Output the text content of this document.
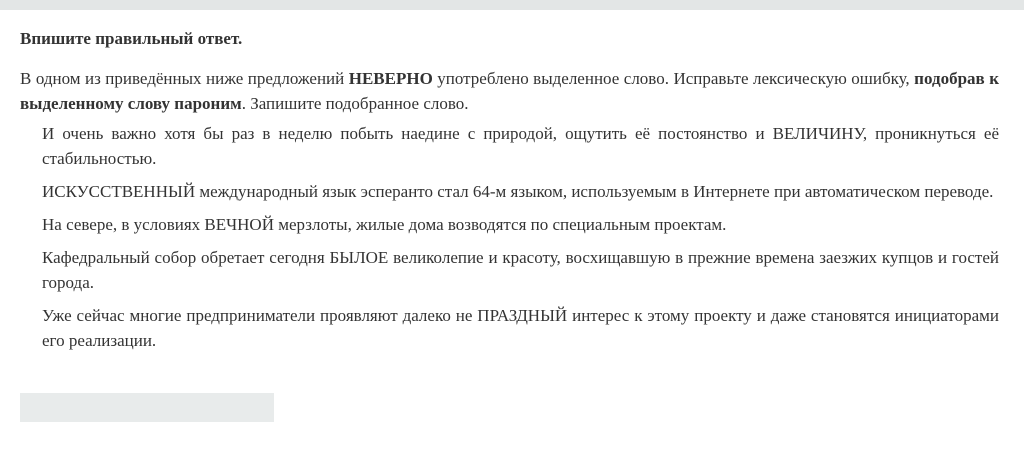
Впишите правильный ответ.

В одном из приведённых ниже предложений НЕВЕРНО употреблено выделенное слово. Исправьте лексическую ошибку, подобрав к выделенному слову пароним. Запишите подобранное слово.

И очень важно хотя бы раз в неделю побыть наедине с природой, ощутить её постоянство и ВЕЛИЧИНУ, проникнуться её стабильностью.
ИСКУССТВЕННЫЙ международный язык эсперанто стал 64-м языком, используемым в Интернете при автоматическом переводе.
На севере, в условиях ВЕЧНОЙ мерзлоты, жилые дома возводятся по специальным проектам.
Кафедральный собор обретает сегодня БЫЛОЕ великолепие и красоту, восхищавшую в прежние времена заезжих купцов и гостей города.
Уже сейчас многие предприниматели проявляют далеко не ПРАЗДНЫЙ интерес к этому проекту и даже становятся инициаторами его реализации.
